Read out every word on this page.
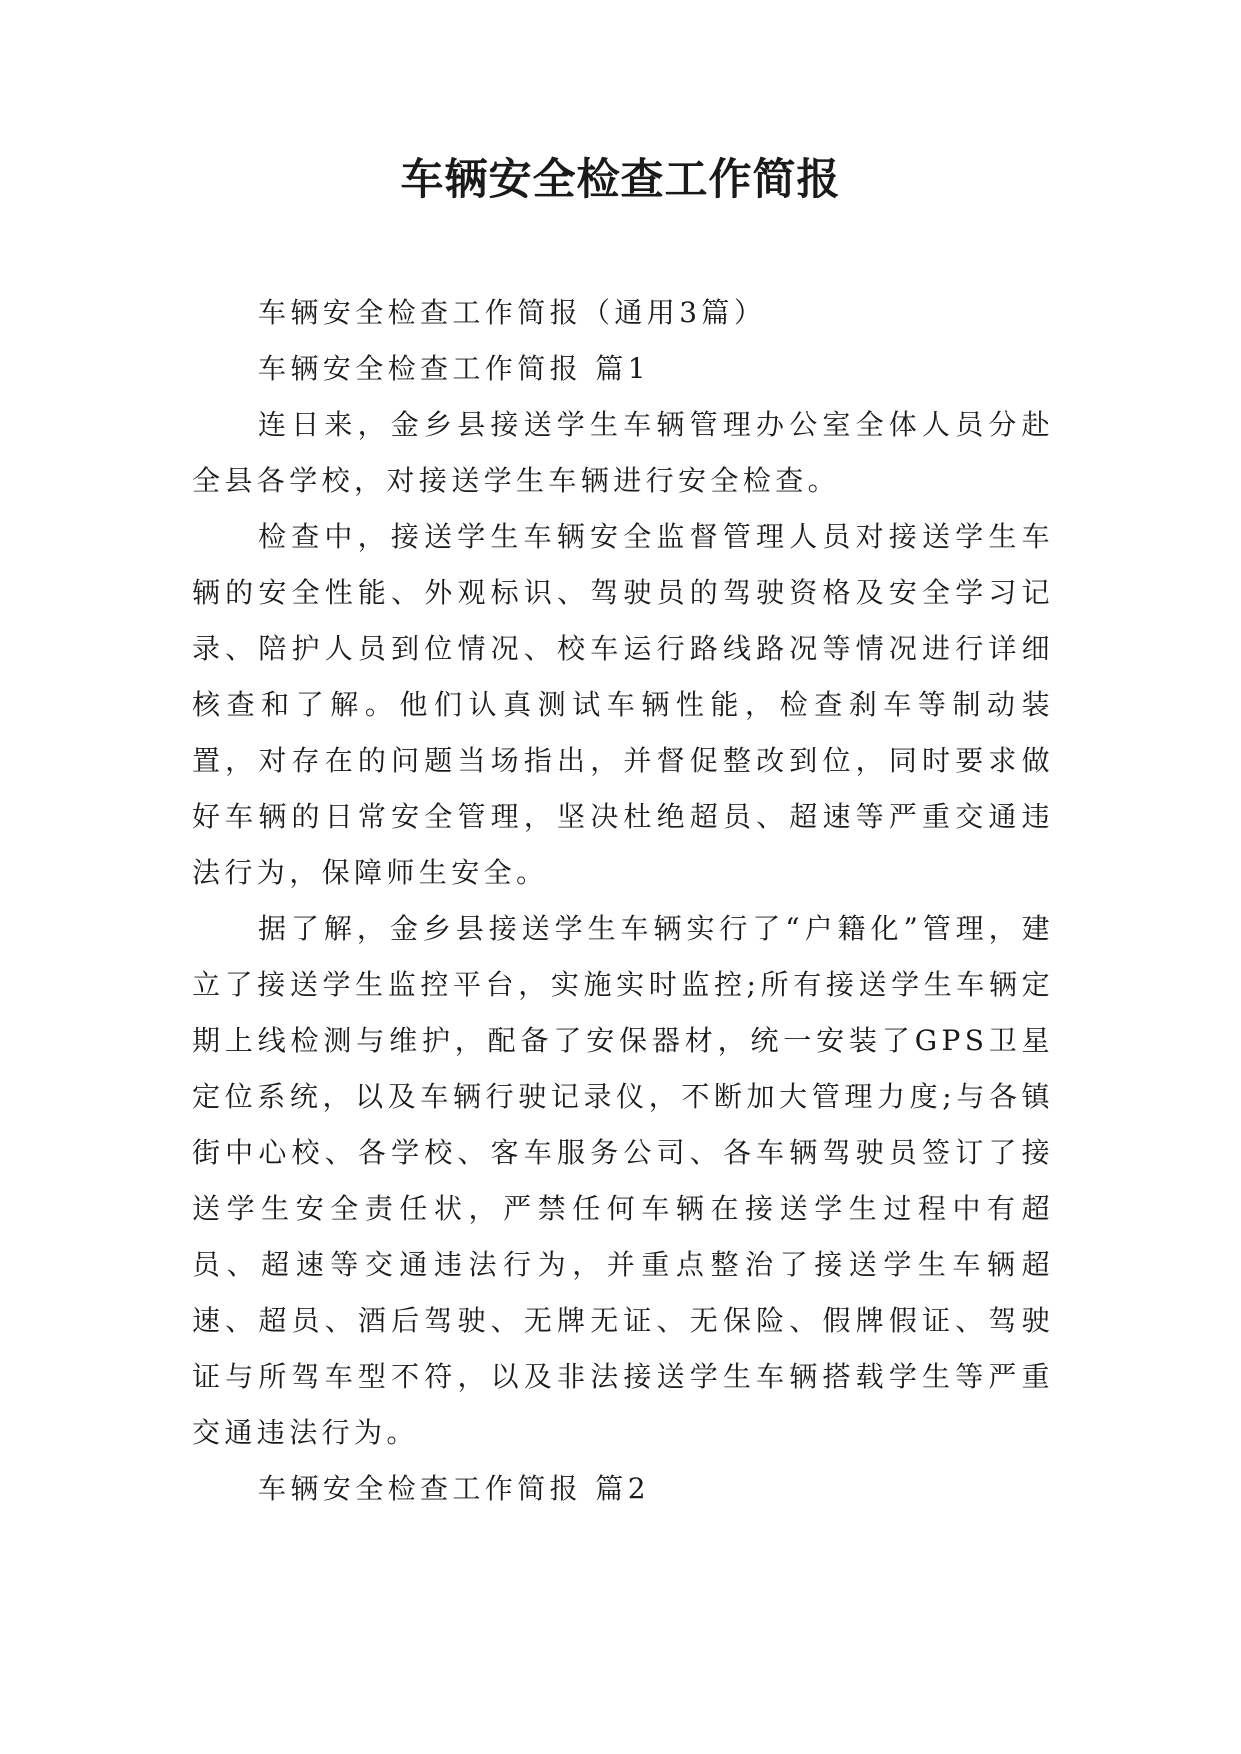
车辆安全检查工作简报

车辆安全检查工作简报（通用3篇）

车辆安全检查工作简报 篇1

连日来，金乡县接送学生车辆管理办公室全体人员分赴全县各学校，对接送学生车辆进行安全检查。

检查中，接送学生车辆安全监督管理人员对接送学生车辆的安全性能、外观标识、驾驶员的驾驶资格及安全学习记录、陪护人员到位情况、校车运行路线路况等情况进行详细核查和了解。他们认真测试车辆性能，检查刹车等制动装置，对存在的问题当场指出，并督促整改到位，同时要求做好车辆的日常安全管理，坚决杜绝超员、超速等严重交通违法行为，保障师生安全。

据了解，金乡县接送学生车辆实行了“户籍化”管理，建立了接送学生监控平台，实施实时监控;所有接送学生车辆定期上线检测与维护，配备了安保器材，统一安装了GPS卫星定位系统，以及车辆行驶记录仪，不断加大管理力度;与各镇街中心校、各学校、客车服务公司、各车辆驾驶员签订了接送学生安全责任状，严禁任何车辆在接送学生过程中有超员、超速等交通违法行为，并重点整治了接送学生车辆超速、超员、酒后驾驶、无牌无证、无保险、假牌假证、驾驶证与所驾车型不符，以及非法接送学生车辆搭载学生等严重交通违法行为。

车辆安全检查工作简报 篇2
